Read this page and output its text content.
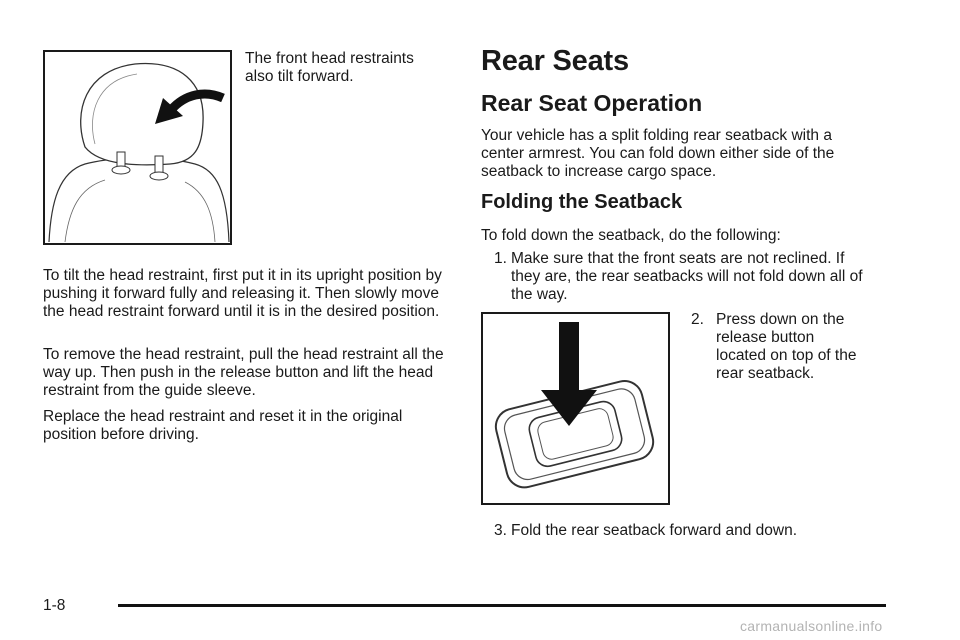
The front head restraints also tilt forward.
To tilt the head restraint, first put it in its upright position by pushing it forward fully and releasing it. Then slowly move the head restraint forward until it is in the desired position.
To remove the head restraint, pull the head restraint all the way up. Then push in the release button and lift the head restraint from the guide sleeve.
Replace the head restraint and reset it in the original position before driving.
Rear Seats
Rear Seat Operation
Your vehicle has a split folding rear seatback with a center armrest. You can fold down either side of the seatback to increase cargo space.
Folding the Seatback
To fold down the seatback, do the following:
1. Make sure that the front seats are not reclined. If they are, the rear seatbacks will not fold down all of the way.
2. Press down on the release button located on top of the rear seatback.
3. Fold the rear seatback forward and down.
1-8
carmanualsonline.info
